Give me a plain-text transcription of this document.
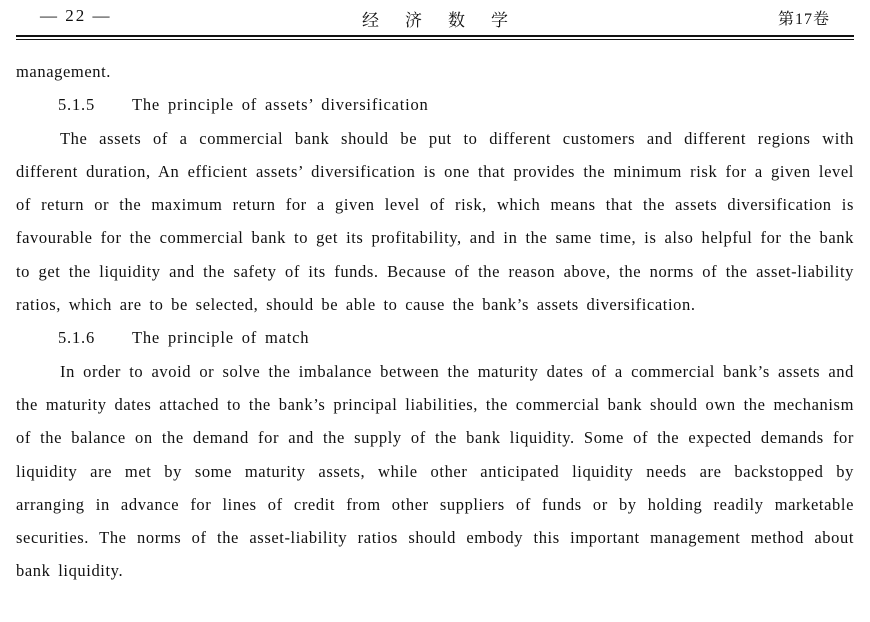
— 22 —	经济数学	第17卷

management.

5.1.5 The principle of assets’ diversification

The assets of a commercial bank should be put to different customers and different regions with different duration, An efficient assets’ diversification is one that provides the minimum risk for a given level of return or the maximum return for a given level of risk, which means that the assets diversification is favourable for the commercial bank to get its profitability, and in the same time, is also helpful for the bank to get the liquidity and the safety of its funds. Because of the reason above, the norms of the asset-liability ratios, which are to be selected, should be able to cause the bank’s assets diversification.

5.1.6 The principle of match

In order to avoid or solve the imbalance between the maturity dates of a commercial bank’s assets and the maturity dates attached to the bank’s principal liabilities, the commercial bank should own the mechanism of the balance on the demand for and the supply of the bank liquidity. Some of the expected demands for liquidity are met by some maturity assets, while other anticipated liquidity needs are backstopped by arranging in advance for lines of credit from other suppliers of funds or by holding readily marketable securities. The norms of the asset-liability ratios should embody this important management method about bank liquidity.
